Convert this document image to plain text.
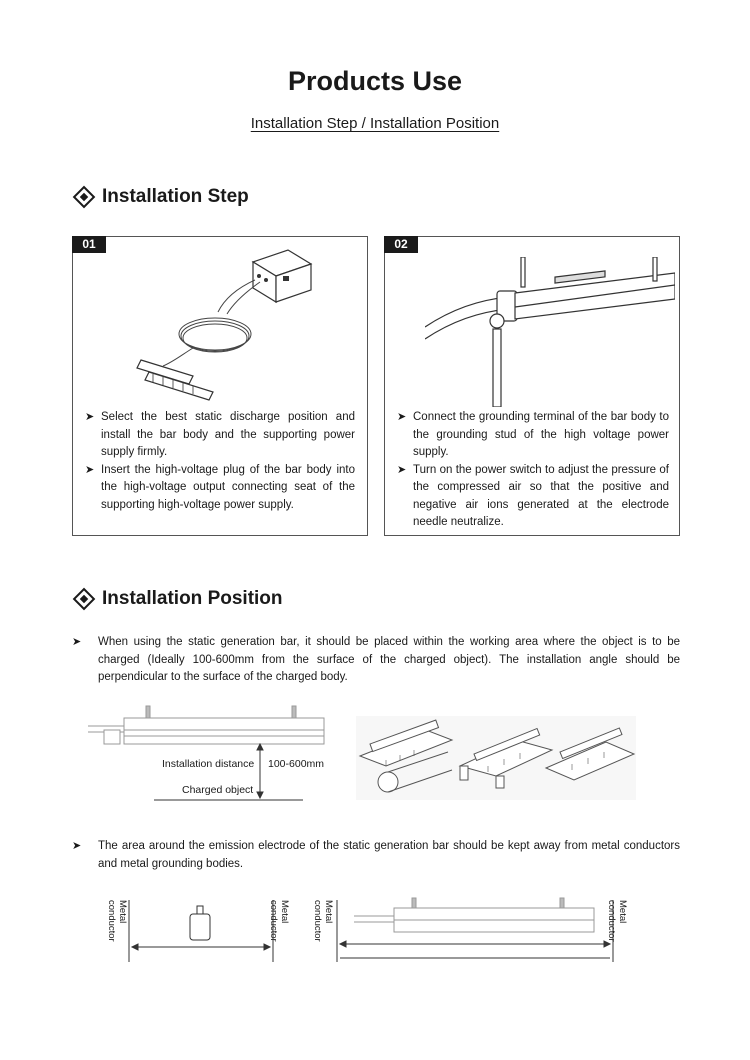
Products Use
Installation Step / Installation Position
Installation Step
01
➤ Select the best static discharge position and install the bar body and the supporting power supply firmly.
➤ Insert the high-voltage plug of the bar body into the high-voltage output connecting seat of the supporting high-voltage power supply.
02
➤ Connect the grounding terminal of the bar body to the grounding stud of the high voltage power supply.
➤ Turn on the power switch to adjust the pressure of the compressed air so that the positive and negative air ions generated at the electrode needle neutralize.
Installation Position
➤	When using the static generation bar, it should be placed within the working area where the object is to be charged (Ideally 100-600mm from the surface of the charged object). The installation angle should be perpendicular to the surface of the charged body.
Installation distance 100-600mm
Charged object
➤	The area around the emission electrode of the static generation bar should be kept away from metal conductors and metal grounding bodies.
Metal conductor	Metal conductor	Metal conductor	Metal conductor
